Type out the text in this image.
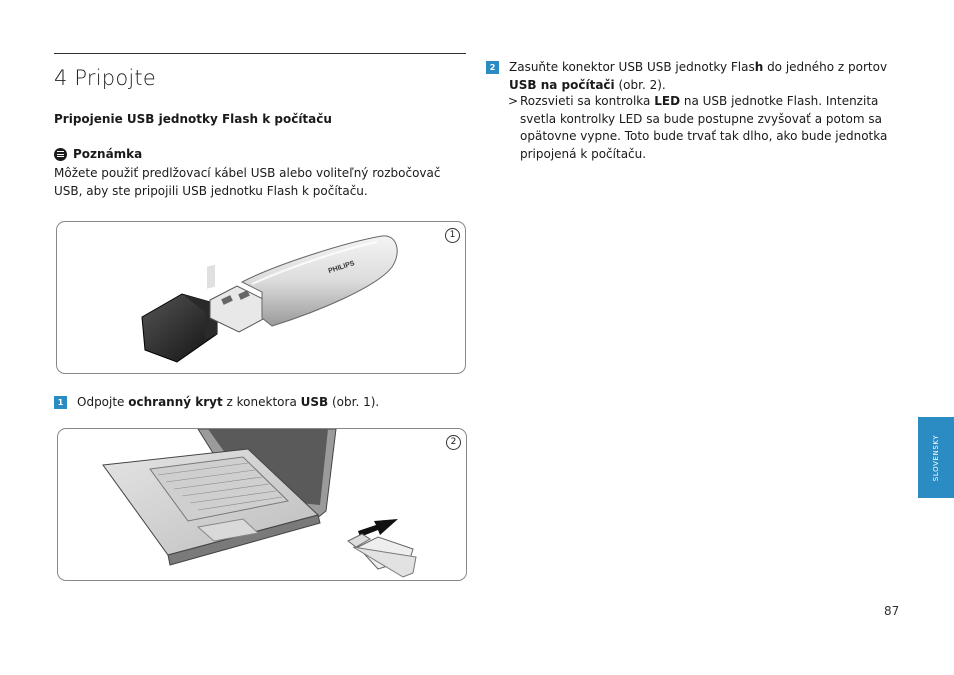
4 Pripojte
Pripojenie USB jednotky Flash k počítaču
Poznámka
Môžete použiť predlžovací kábel USB alebo voliteľný rozbočovač USB, aby ste pripojili USB jednotku Flash k počítaču.
PHILIPS
1
1	Odpojte ochranný kryt z konektora USB (obr. 1).
2
2	Zasuňte konektor USB USB jednotky Flash do jedného z portov
USB na počítači (obr. 2).
> Rozsvieti sa kontrolka LED na USB jednotke Flash. Intenzita svetla kontrolky LED sa bude postupne zvyšovať a potom sa opätovne vypne. Toto bude trvať tak dlho, ako bude jednotka pripojená k počítaču.
SLOVENSKY
87
